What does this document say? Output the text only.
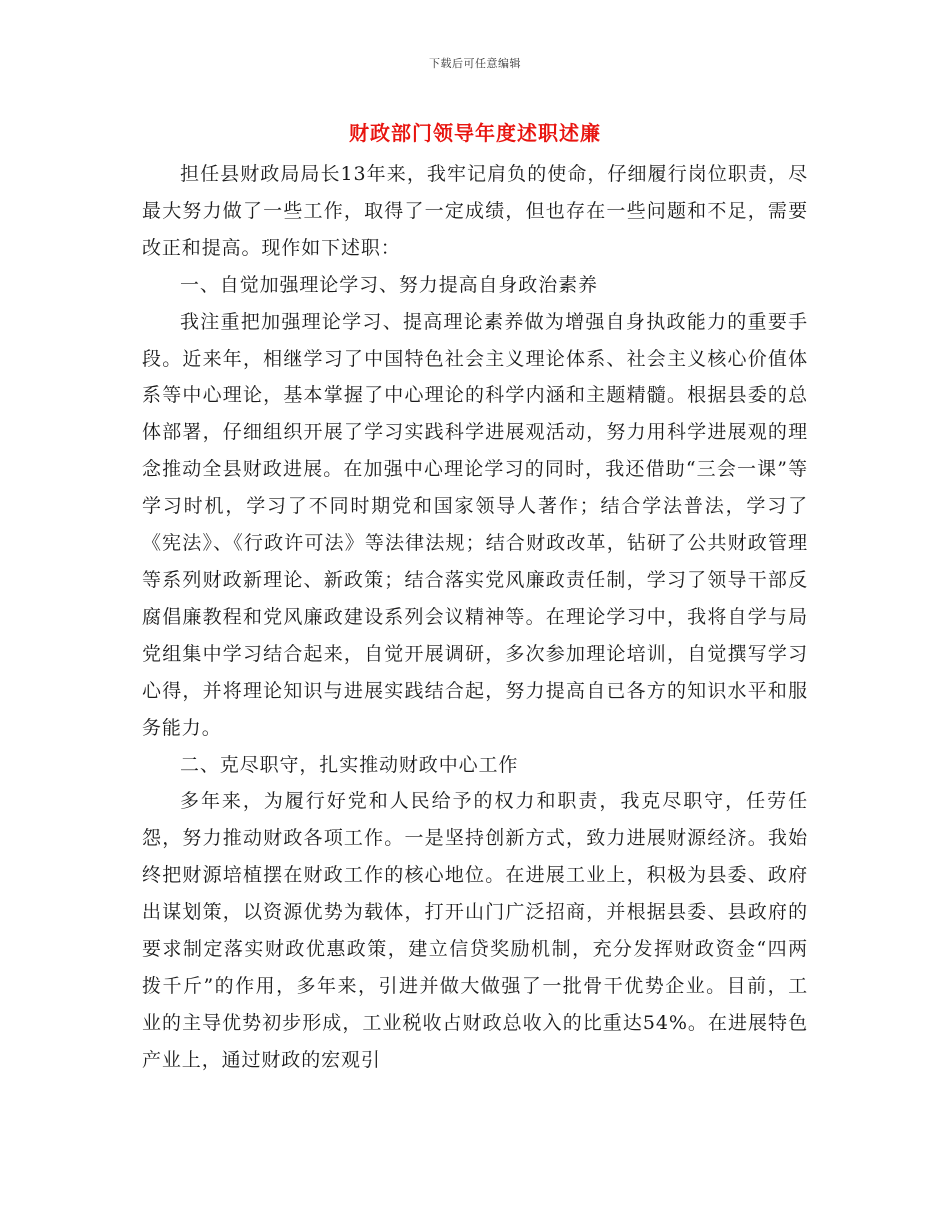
下载后可任意编辑
财政部门领导年度述职述廉

担任县财政局局长13年来，我牢记肩负的使命，仔细履行岗位职责，尽最大努力做了一些工作，取得了一定成绩，但也存在一些问题和不足，需要改正和提高。现作如下述职：

一、自觉加强理论学习、努力提高自身政治素养

我注重把加强理论学习、提高理论素养做为增强自身执政能力的重要手段。近来年，相继学习了中国特色社会主义理论体系、社会主义核心价值体系等中心理论，基本掌握了中心理论的科学内涵和主题精髓。根据县委的总体部署，仔细组织开展了学习实践科学进展观活动，努力用科学进展观的理念推动全县财政进展。在加强中心理论学习的同时，我还借助“三会一课”等学习时机，学习了不同时期党和国家领导人著作；结合学法普法，学习了《宪法》、《行政许可法》等法律法规；结合财政改革，钻研了公共财政管理等系列财政新理论、新政策；结合落实党风廉政责任制，学习了领导干部反腐倡廉教程和党风廉政建设系列会议精神等。在理论学习中，我将自学与局党组集中学习结合起来，自觉开展调研，多次参加理论培训，自觉撰写学习心得，并将理论知识与进展实践结合起，努力提高自已各方的知识水平和服务能力。

二、克尽职守，扎实推动财政中心工作

多年来，为履行好党和人民给予的权力和职责，我克尽职守，任劳任怨，努力推动财政各项工作。一是坚持创新方式，致力进展财源经济。我始终把财源培植摆在财政工作的核心地位。在进展工业上，积极为县委、政府出谋划策，以资源优势为载体，打开山门广泛招商，并根据县委、县政府的要求制定落实财政优惠政策，建立信贷奖励机制，充分发挥财政资金“四两拨千斤”的作用，多年来，引进并做大做强了一批骨干优势企业。目前，工业的主导优势初步形成，工业税收占财政总收入的比重达54%。在进展特色产业上，通过财政的宏观引
